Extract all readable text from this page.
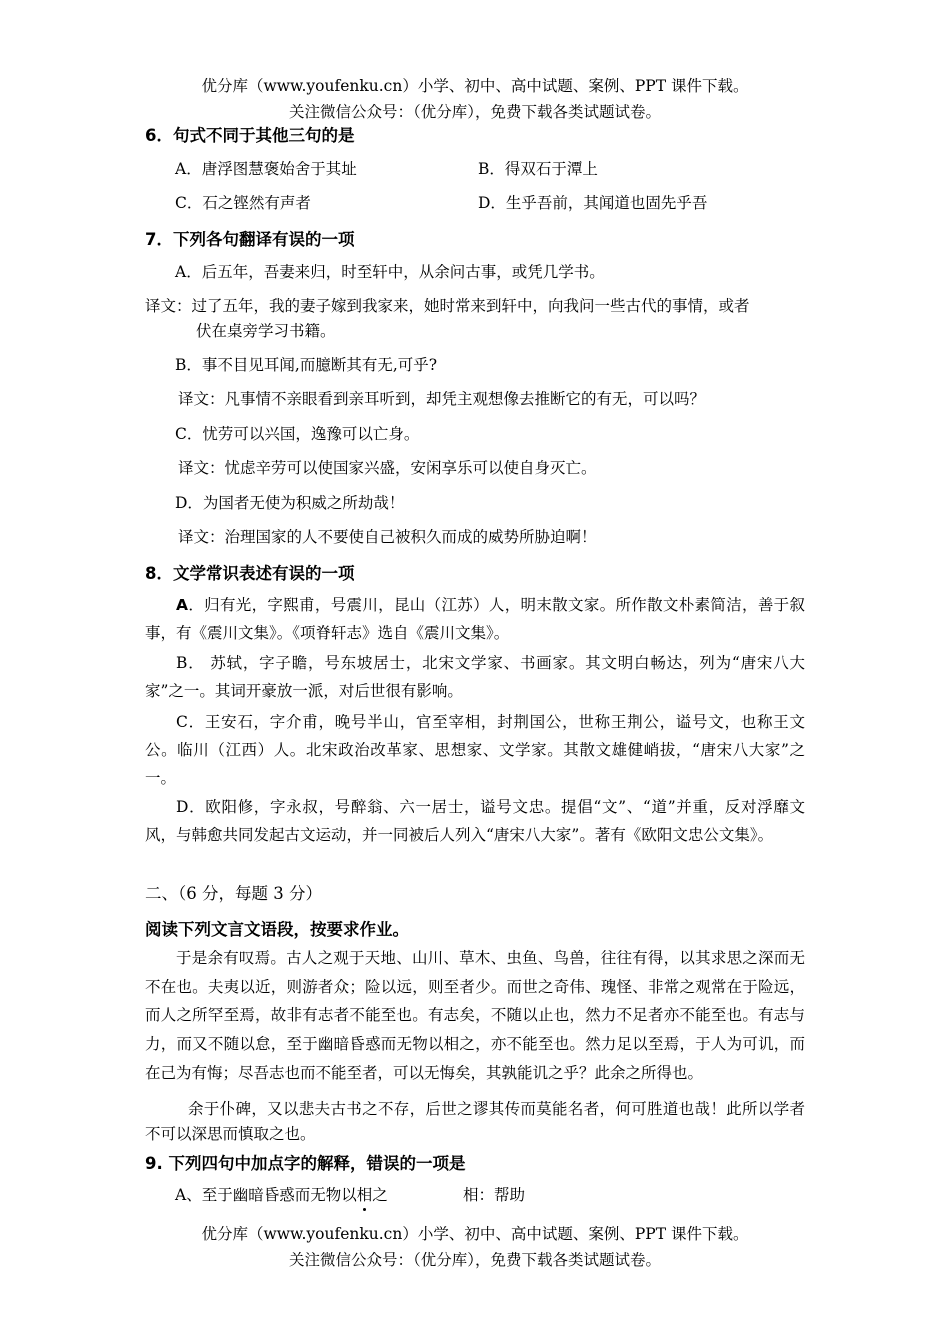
优分库（www.youfenku.cn）小学、初中、高中试题、案例、PPT 课件下载。
关注微信公众号：（优分库），免费下载各类试题试卷。
6．句式不同于其他三句的是
A．唐浮图慧褒始舍于其址	B．得双石于潭上
C．石之铿然有声者	D．生乎吾前，其闻道也固先乎吾
7．下列各句翻译有误的一项
A．后五年，吾妻来归，时至轩中，从余问古事，或凭几学书。
译文：过了五年，我的妻子嫁到我家来，她时常来到轩中，向我问一些古代的事情，或者
伏在桌旁学习书籍。
B．事不目见耳闻,而臆断其有无,可乎?
译文：凡事情不亲眼看到亲耳听到，却凭主观想像去推断它的有无，可以吗？
C．忧劳可以兴国，逸豫可以亡身。
译文：忧虑辛劳可以使国家兴盛，安闲享乐可以使自身灭亡。
D．为国者无使为积威之所劫哉！
译文：治理国家的人不要使自己被积久而成的威势所胁迫啊！
8．文学常识表述有误的一项
A．归有光，字熙甫，号震川，昆山（江苏）人，明末散文家。所作散文朴素简洁，善于叙事，有《震川文集》。《项脊轩志》选自《震川文集》。
B． 苏轼，字子瞻，号东坡居士，北宋文学家、书画家。其文明白畅达，列为“唐宋八大家”之一。其词开豪放一派，对后世很有影响。
C．王安石，字介甫，晚号半山，官至宰相，封荆国公，世称王荆公，谥号文，也称王文公。临川（江西）人。北宋政治改革家、思想家、文学家。其散文雄健峭拔，“唐宋八大家”之一。
D．欧阳修，字永叔，号醉翁、六一居士，谥号文忠。提倡“文”、“道”并重，反对浮靡文风，与韩愈共同发起古文运动，并一同被后人列入“唐宋八大家”。著有《欧阳文忠公文集》。
二、（6 分，每题 3 分）
阅读下列文言文语段，按要求作业。
于是余有叹焉。古人之观于天地、山川、草木、虫鱼、鸟兽，往往有得，以其求思之深而无不在也。夫夷以近，则游者众；险以远，则至者少。而世之奇伟、瑰怪、非常之观常在于险远，而人之所罕至焉，故非有志者不能至也。有志矣，不随以止也，然力不足者亦不能至也。有志与力，而又不随以怠，至于幽暗昏惑而无物以相之，亦不能至也。然力足以至焉，于人为可讥，而在己为有悔；尽吾志也而不能至者，可以无悔矣，其孰能讥之乎？此余之所得也。
余于仆碑，又以悲夫古书之不存，后世之谬其传而莫能名者，何可胜道也哉！此所以学者不可以深思而慎取之也。
9. 下列四句中加点字的解释，错误的一项是
A、至于幽暗昏惑而无物以相之	相：帮助
优分库（www.youfenku.cn）小学、初中、高中试题、案例、PPT 课件下载。
关注微信公众号：（优分库），免费下载各类试题试卷。
